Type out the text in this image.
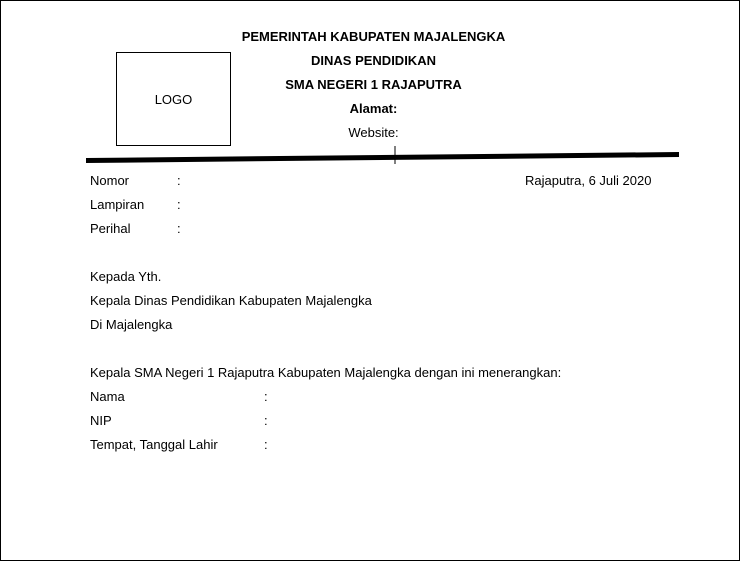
LOGO
PEMERINTAH KABUPATEN MAJALENGKA
DINAS PENDIDIKAN
SMA NEGERI 1 RAJAPUTRA
Alamat:
Website:
Nomor	:	Rajaputra, 6 Juli 2020
Lampiran	:
Perihal	:
Kepada Yth.
Kepala Dinas Pendidikan Kabupaten Majalengka
Di Majalengka
Kepala SMA Negeri 1 Rajaputra Kabupaten Majalengka dengan ini menerangkan:
Nama	:
NIP	:
Tempat, Tanggal Lahir	:
